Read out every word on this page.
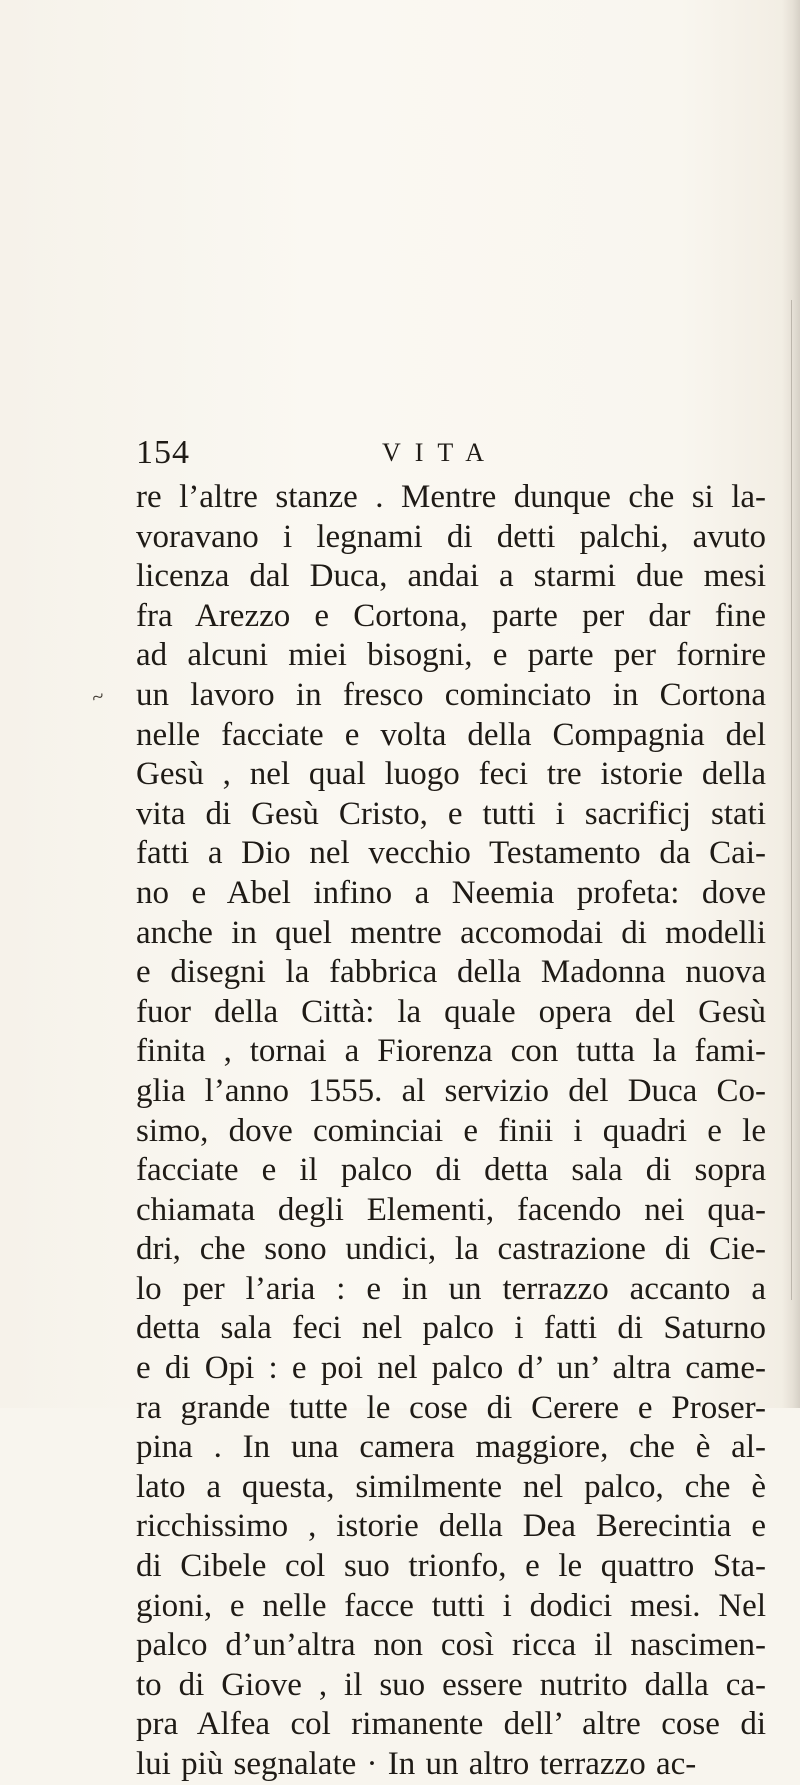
154	VITA
~
re l’altre stanze . Mentre dunque che si la-
voravano i legnami di detti palchi, avuto
licenza dal Duca, andai a starmi due mesi
fra Arezzo e Cortona, parte per dar fine
ad alcuni miei bisogni, e parte per fornire
un lavoro in fresco cominciato in Cortona
nelle facciate e volta della Compagnia del
Gesù , nel qual luogo feci tre istorie della
vita di Gesù Cristo, e tutti i sacrificj stati
fatti a Dio nel vecchio Testamento da Cai-
no e Abel infino a Neemia profeta: dove
anche in quel mentre accomodai di modelli
e disegni la fabbrica della Madonna nuova
fuor della Città: la quale opera del Gesù
finita , tornai a Fiorenza con tutta la fami-
glia l’anno 1555. al servizio del Duca Co-
simo, dove cominciai e finii i quadri e le
facciate e il palco di detta sala di sopra
chiamata degli Elementi, facendo nei qua-
dri, che sono undici, la castrazione di Cie-
lo per l’aria : e in un terrazzo accanto a
detta sala feci nel palco i fatti di Saturno
e di Opi : e poi nel palco d’ un’ altra came-
ra grande tutte le cose di Cerere e Proser-
pina . In una camera maggiore, che è al-
lato a questa, similmente nel palco, che è
ricchissimo , istorie della Dea Berecintia e
di Cibele col suo trionfo, e le quattro Sta-
gioni, e nelle facce tutti i dodici mesi. Nel
palco d’un’altra non così ricca il nascimen-
to di Giove , il suo essere nutrito dalla ca-
pra Alfea col rimanente dell’ altre cose di
lui più segnalate · In un altro terrazzo ac-
